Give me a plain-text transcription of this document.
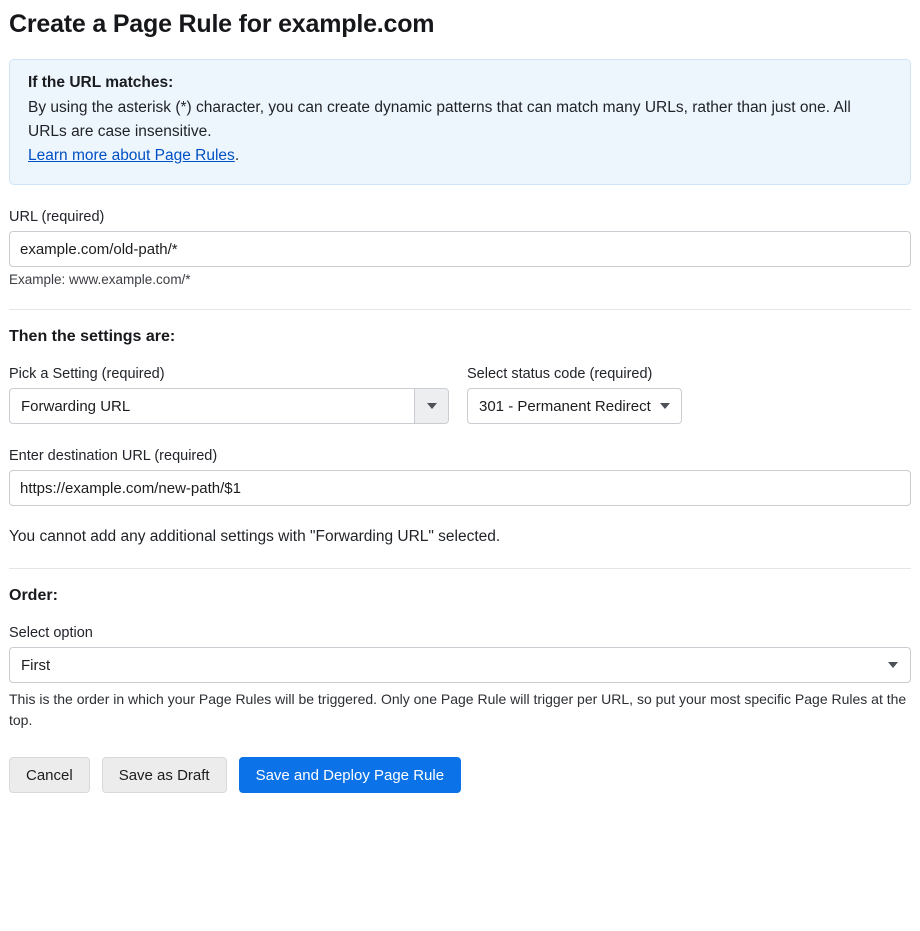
Create a Page Rule for example.com
If the URL matches:
By using the asterisk (*) character, you can create dynamic patterns that can match many URLs, rather than just one. All URLs are case insensitive.
Learn more about Page Rules.
URL (required)
example.com/old-path/*
Example: www.example.com/*
Then the settings are:
Pick a Setting (required)
Forwarding URL
Select status code (required)
301 - Permanent Redirect
Enter destination URL (required)
https://example.com/new-path/$1
You cannot add any additional settings with "Forwarding URL" selected.
Order:
Select option
First
This is the order in which your Page Rules will be triggered. Only one Page Rule will trigger per URL, so put your most specific Page Rules at the top.
Cancel	Save as Draft	Save and Deploy Page Rule
